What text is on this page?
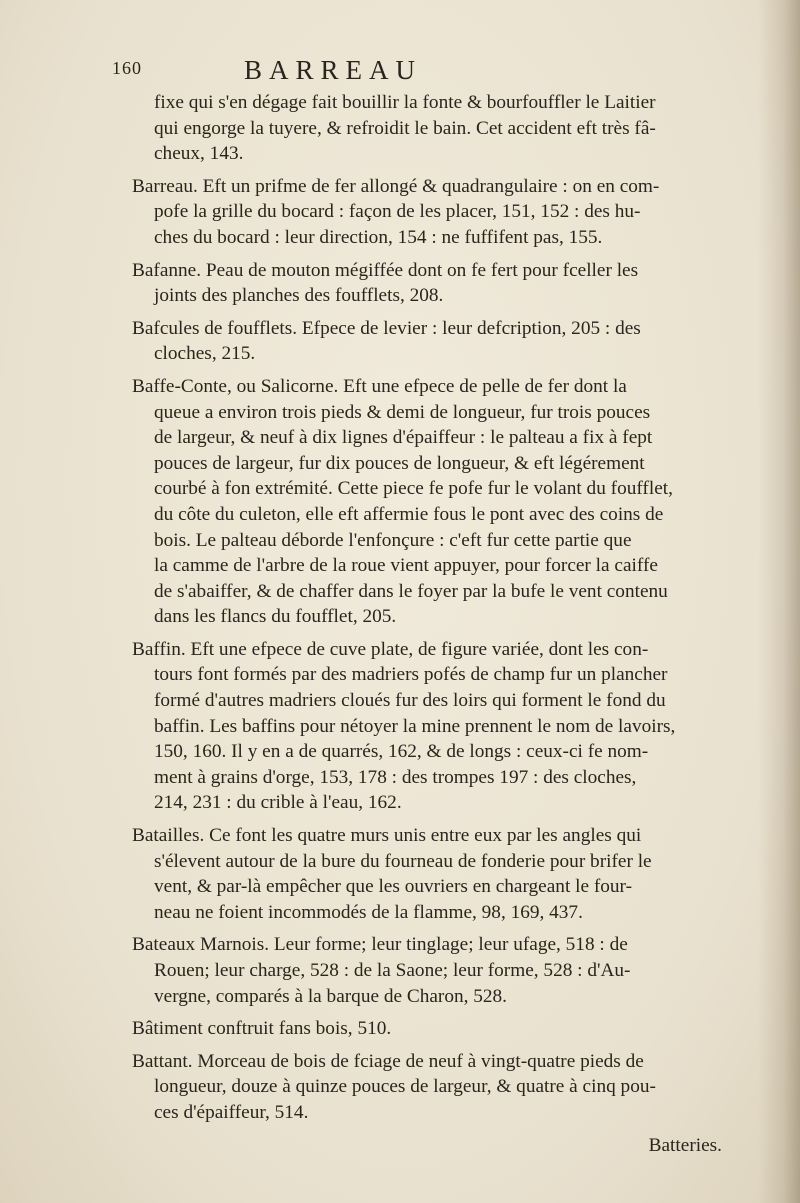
160	BARREAU
fixe qui s'en dégage fait bouillir la fonte & bourfouffler le Laitier
qui engorge la tuyere, & refroidit le bain. Cet accident eft très fâ-
cheux, 143.
Barreau. Eft un prifme de fer allongé & quadrangulaire : on en com-
pofe la grille du bocard : façon de les placer, 151, 152 : des hu-
ches du bocard : leur direction, 154 : ne fuffifent pas, 155.
Bafanne. Peau de mouton mégiffée dont on fe fert pour fceller les
joints des planches des foufflets, 208.
Bafcules de foufflets. Efpece de levier : leur defcription, 205 : des
cloches, 215.
Baffe-Conte, ou Salicorne. Eft une efpece de pelle de fer dont la
queue a environ trois pieds & demi de longueur, fur trois pouces
de largeur, & neuf à dix lignes d'épaiffeur : le palteau a fix à fept
pouces de largeur, fur dix pouces de longueur, & eft légérement
courbé à fon extrémité. Cette piece fe pofe fur le volant du foufflet,
du côte du culeton, elle eft affermie fous le pont avec des coins de
bois. Le palteau déborde l'enfonçure : c'eft fur cette partie que
la camme de l'arbre de la roue vient appuyer, pour forcer la caiffe
de s'abaiffer, & de chaffer dans le foyer par la bufe le vent contenu
dans les flancs du foufflet, 205.
Baffin. Eft une efpece de cuve plate, de figure variée, dont les con-
tours font formés par des madriers pofés de champ fur un plancher
formé d'autres madriers cloués fur des loirs qui forment le fond du
baffin. Les baffins pour nétoyer la mine prennent le nom de lavoirs,
150, 160. Il y en a de quarrés, 162, & de longs : ceux-ci fe nom-
ment à grains d'orge, 153, 178 : des trompes 197 : des cloches,
214, 231 : du crible à l'eau, 162.
Batailles. Ce font les quatre murs unis entre eux par les angles qui
s'élevent autour de la bure du fourneau de fonderie pour brifer le
vent, & par-là empêcher que les ouvriers en chargeant le four-
neau ne foient incommodés de la flamme, 98, 169, 437.
Bateaux Marnois. Leur forme; leur tinglage; leur ufage, 518 : de
Rouen; leur charge, 528 : de la Saone; leur forme, 528 : d'Au-
vergne, comparés à la barque de Charon, 528.
Bâtiment conftruit fans bois, 510.
Battant. Morceau de bois de fciage de neuf à vingt-quatre pieds de
longueur, douze à quinze pouces de largeur, & quatre à cinq pou-
ces d'épaiffeur, 514.
Batteries.
